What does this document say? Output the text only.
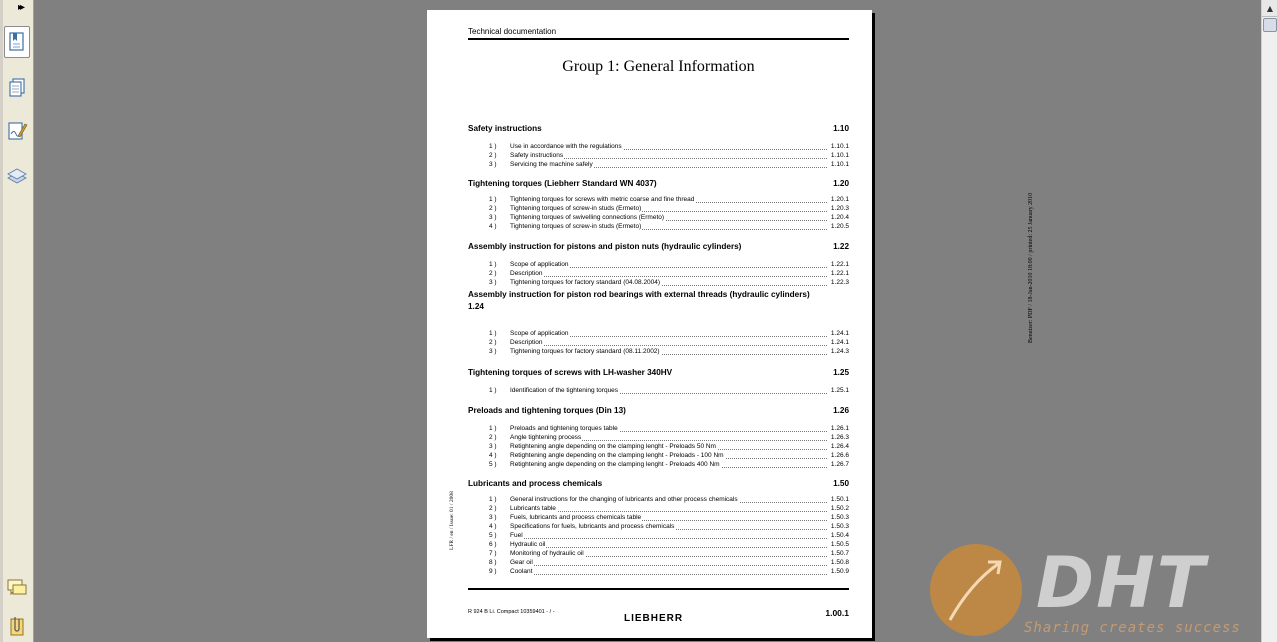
▸▸	▲
Technical documentation
Group 1: General Information
Safety instructions	1.10
1 )	Use in accordance with the regulations	1.10.1
2 )	Safety instructions	1.10.1
3 )	Servicing the machine safely	1.10.1
Tightening torques (Liebherr Standard WN 4037)	1.20
1 )	Tightening torques for screws with metric coarse and fine thread	1.20.1
2 )	Tightening torques of screw-in studs (Ermeto)	1.20.3
3 )	Tightening torques of swivelling connections (Ermeto)	1.20.4
4 )	Tightening torques of screw-in studs (Ermeto)	1.20.5
Assembly instruction for pistons and piston nuts (hydraulic cylinders)	1.22
1 )	Scope of application	1.22.1
2 )	Description	1.22.1
3 )	Tightening torques for factory standard (04.08.2004)	1.22.3
Assembly instruction for piston rod bearings with external threads (hydraulic cylinders)
1.24
1 )	Scope of application	1.24.1
2 )	Description	1.24.1
3 )	Tightening torques for factory standard (08.11.2002)	1.24.3
Tightening torques of screws with LH-washer 340HV	1.25
1 )	Identification of the tightening torques	1.25.1
Preloads and tightening torques (Din 13)	1.26
1 )	Preloads and tightening torques table	1.26.1
2 )	Angle tightening process	1.26.3
3 )	Retightening angle depending on the clamping lenght - Preloads 50 Nm	1.26.4
4 )	Retightening angle depending on the clamping lenght - Preloads - 100 Nm	1.26.6
5 )	Retightening angle depending on the clamping lenght - Preloads 400 Nm	1.26.7
Lubricants and process chemicals	1.50
1 )	General instructions for the changing of lubricants and other process chemicals	1.50.1
2 )	Lubricants table	1.50.2
3 )	Fuels, lubricants and process chemicals table	1.50.3
4 )	Specifications for fuels, lubricants and process chemicals	1.50.3
5 )	Fuel	1.50.4
6 )	Hydraulic oil	1.50.5
7 )	Monitoring of hydraulic oil	1.50.7
8 )	Gear oil	1.50.8
9 )	Coolant	1.50.9
LFR / en / Issue: 01 / 2008
Benutzer: PDF / 18-Jan-2010 18:00 / printed: 25 January 2010
R 924 B Li. Compact 10359401 - / -
LIEBHERR	1.00.1	DHT
Sharing creates success
